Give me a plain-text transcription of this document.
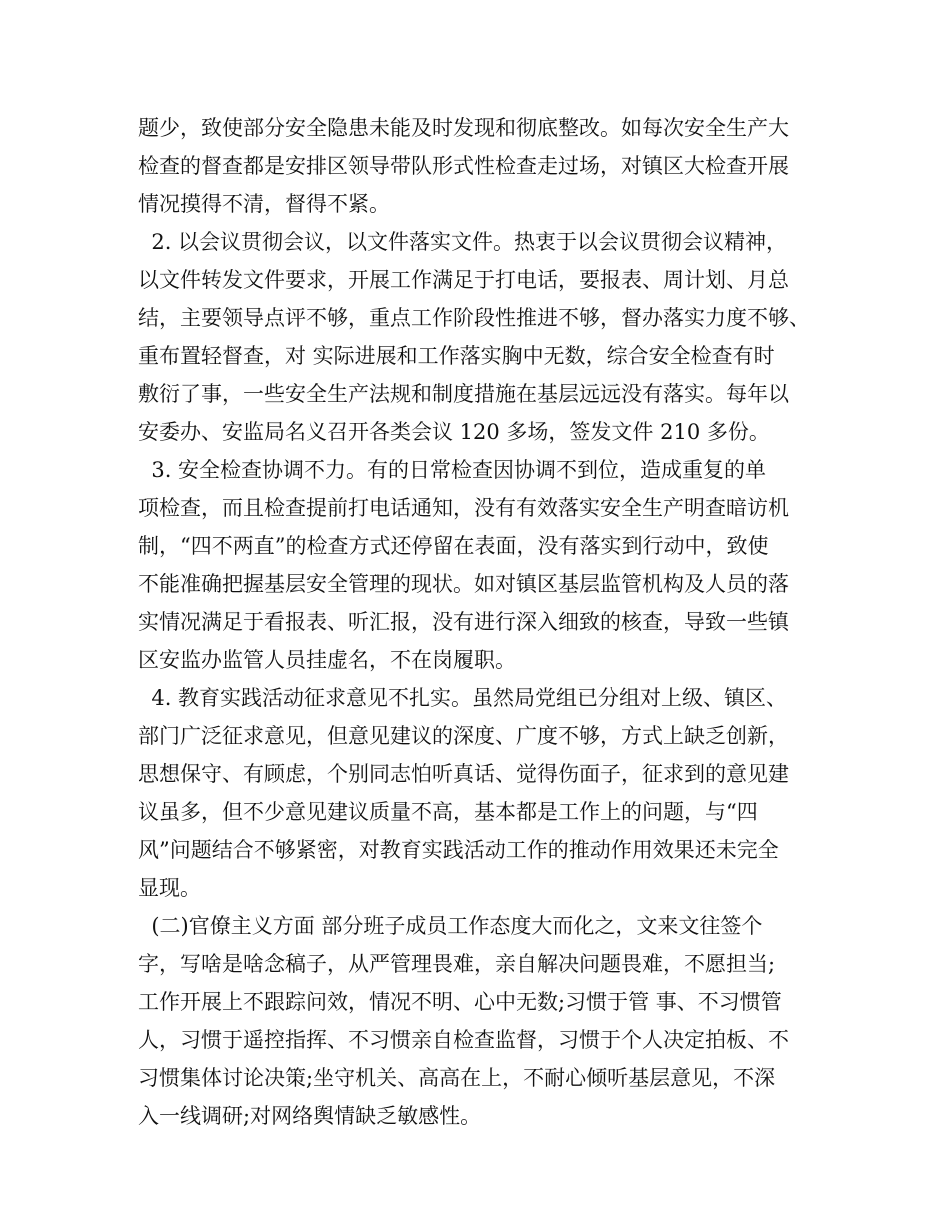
题少，致使部分安全隐患未能及时发现和彻底整改。如每次安全生产大
检查的督查都是安排区领导带队形式性检查走过场，对镇区大检查开展
情况摸得不清，督得不紧。
2. 以会议贯彻会议，以文件落实文件。热衷于以会议贯彻会议精神，
以文件转发文件要求，开展工作满足于打电话，要报表、周计划、月总
结，主要领导点评不够，重点工作阶段性推进不够，督办落实力度不够、
重布置轻督查，对 实际进展和工作落实胸中无数，综合安全检查有时
敷衍了事，一些安全生产法规和制度措施在基层远远没有落实。每年以
安委办、安监局名义召开各类会议 120 多场，签发文件 210 多份。
3. 安全检查协调不力。有的日常检查因协调不到位，造成重复的单
项检查，而且检查提前打电话通知，没有有效落实安全生产明查暗访机
制，“四不两直”的检查方式还停留在表面，没有落实到行动中，致使
不能准确把握基层安全管理的现状。如对镇区基层监管机构及人员的落
实情况满足于看报表、听汇报，没有进行深入细致的核查，导致一些镇
区安监办监管人员挂虚名，不在岗履职。
4. 教育实践活动征求意见不扎实。虽然局党组已分组对上级、镇区、
部门广泛征求意见，但意见建议的深度、广度不够，方式上缺乏创新，
思想保守、有顾虑，个别同志怕听真话、觉得伤面子，征求到的意见建
议虽多，但不少意见建议质量不高，基本都是工作上的问题，与“四
风”问题结合不够紧密，对教育实践活动工作的推动作用效果还未完全
显现。
(二)官僚主义方面 部分班子成员工作态度大而化之，文来文往签个
字，写啥是啥念稿子，从严管理畏难，亲自解决问题畏难，不愿担当;
工作开展上不跟踪问效，情况不明、心中无数;习惯于管 事、不习惯管
人，习惯于遥控指挥、不习惯亲自检查监督，习惯于个人决定拍板、不
习惯集体讨论决策;坐守机关、高高在上，不耐心倾听基层意见，不深
入一线调研;对网络舆情缺乏敏感性。
